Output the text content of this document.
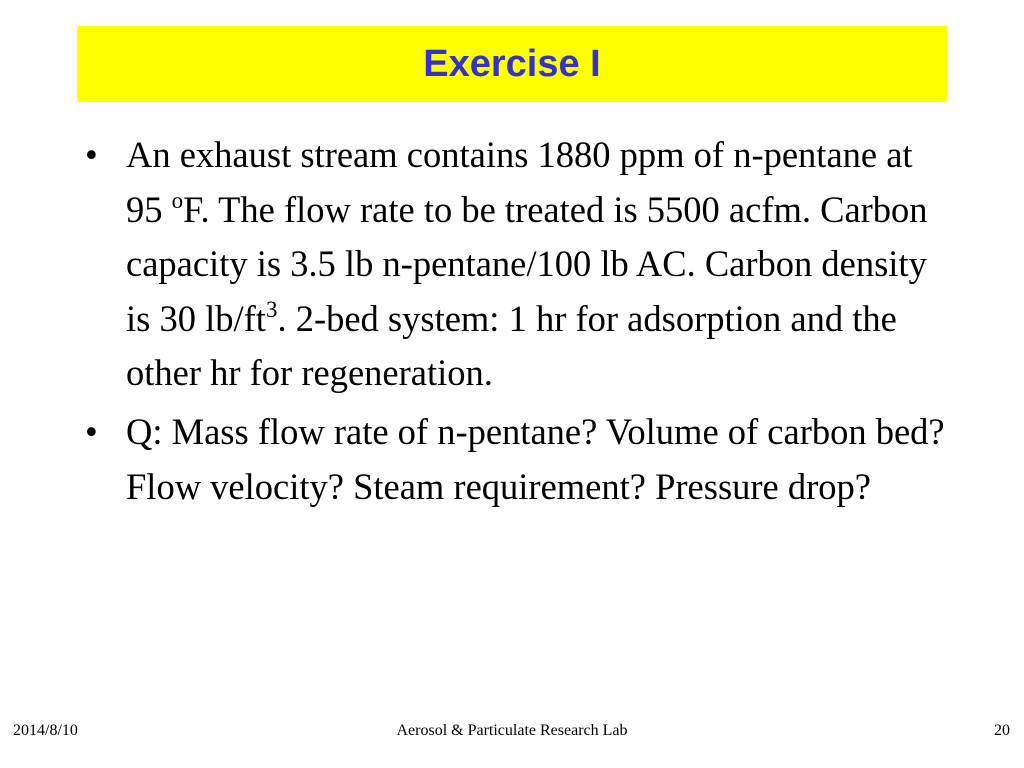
Exercise I
• An exhaust stream contains 1880 ppm of n-pentane at 95 $^o$F. The flow rate to be treated is 5500 acfm. Carbon capacity is 3.5 lb n-pentane/100 lb AC. Carbon density is 30 $lb/ft^3$. 2-bed system: 1 hr for adsorption and the other hr for regeneration.
• Q: Mass flow rate of n-pentane? Volume of carbon bed? Flow velocity? Steam requirement? Pressure drop?
2014/8/10	Aerosol & Particulate Research Lab	20
